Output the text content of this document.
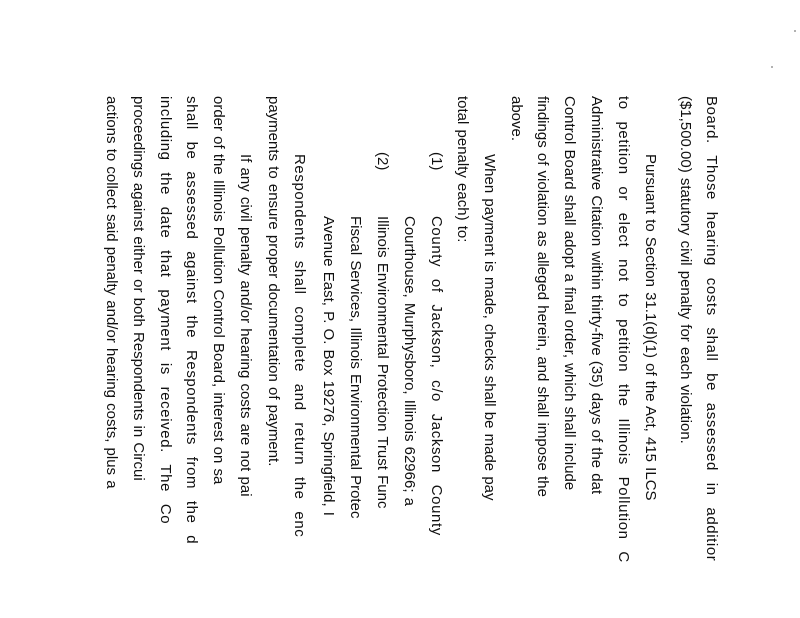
Board. Those hearing costs shall be assessed in additior
($1,500.00) statutory civil penalty for each violation.
Pursuant to Section 31.1(d)(1) of the Act, 415 ILCS
to petition or elect not to petition the Illinois Pollution C
Administrative Citation within thirty-five (35) days of the dat
Control Board shall adopt a final order, which shall include
findings of violation as alleged herein, and shall impose the
above.
When payment is made, checks shall be made pay
total penalty each) to:
(1)
County of Jackson, c/o Jackson County
Courthouse, Murphysboro, Illinois 62966; a
(2)
Illinois Environmental Protection Trust Func
Fiscal Services, Illinois Environmental Protec
Avenue East, P. O. Box 19276, Springfield, I
Respondents shall complete and return the enc
payments to ensure proper documentation of payment.
If any civil penalty and/or hearing costs are not pai
order of the Illinois Pollution Control Board, interest on sa
shall be assessed against the Respondents from the d
including the date that payment is received. The Co
proceedings against either or both Respondents in Circui
actions to collect said penalty and/or hearing costs, plus a
